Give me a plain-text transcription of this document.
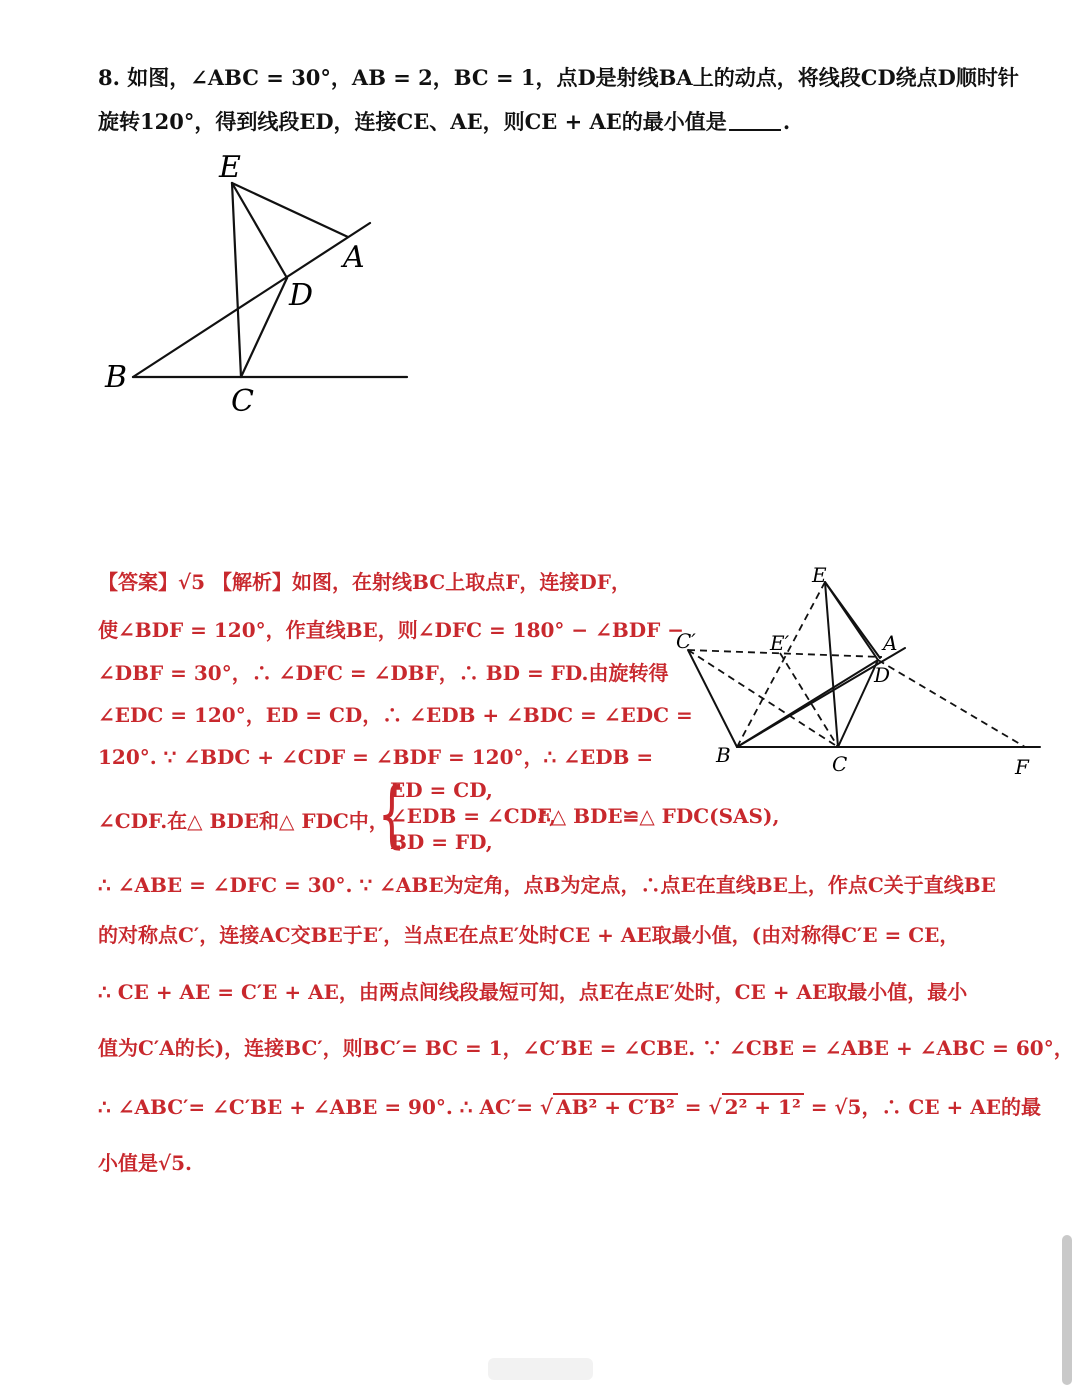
8. 如图，∠ABC = 30°，AB = 2，BC = 1，点D是射线BA上的动点，将线段CD绕点D顺时针
旋转120°，得到线段ED，连接CE、AE，则CE + AE的最小值是	.
E
A
D
B
C
【答案】√5 【解析】如图，在射线BC上取点F，连接DF，
使∠BDF = 120°，作直线BE，则∠DFC = 180° − ∠BDF −
∠DBF = 30°，∴ ∠DFC = ∠DBF，∴ BD = FD.由旋转得
∠EDC = 120°，ED = CD，∴ ∠EDB + ∠BDC = ∠EDC =
120°. ∵ ∠BDC + ∠CDF = ∠BDF = 120°，∴ ∠EDB =
∠CDF.在△ BDE和△ FDC中，
{
ED = CD,
∠EDB = ∠CDF,
BD = FD,
∴△ BDE≌△ FDC(SAS),
∴ ∠ABE = ∠DFC = 30°. ∵ ∠ABE为定角，点B为定点，∴点E在直线BE上，作点C关于直线BE
的对称点C′，连接AC交BE于E′，当点E在点E′处时CE + AE取最小值，(由对称得C′E = CE，
∴ CE + AE = C′E + AE，由两点间线段最短可知，点E在点E′处时，CE + AE取最小值，最小
值为C′A的长)，连接BC′，则BC′= BC = 1，∠C′BE = ∠CBE. ∵ ∠CBE = ∠ABE + ∠ABC = 60°，
∴ ∠ABC′= ∠C′BE + ∠ABE = 90°. ∴ AC′= √ AB² + C′B² = √ 2² + 1² = √5，∴ CE + AE的最
小值是√5.
E
A
D
B	C	F
C′	E′
